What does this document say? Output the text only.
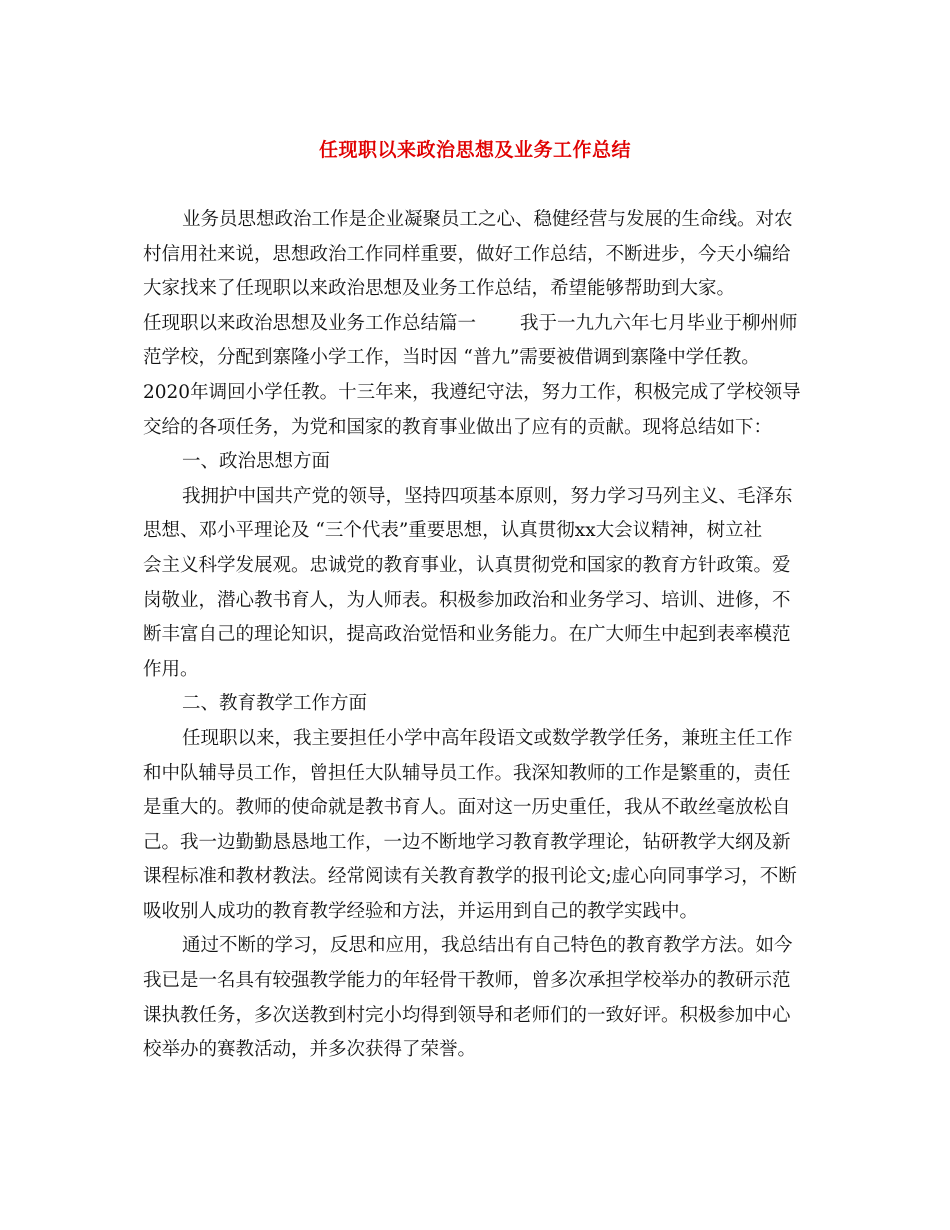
任现职以来政治思想及业务工作总结
业务员思想政治工作是企业凝聚员工之心、稳健经营与发展的生命线。对农
村信用社来说，思想政治工作同样重要，做好工作总结，不断进步，今天小编给
大家找来了任现职以来政治思想及业务工作总结，希望能够帮助到大家。
任现职以来政治思想及业务工作总结篇一 我于一九九六年七月毕业于柳州师
范学校，分配到寨隆小学工作，当时因 “普九”需要被借调到寨隆中学任教。
2020年调回小学任教。十三年来，我遵纪守法，努力工作，积极完成了学校领导
交给的各项任务，为党和国家的教育事业做出了应有的贡献。现将总结如下：
一、政治思想方面
我拥护中国共产党的领导，坚持四项基本原则，努力学习马列主义、毛泽东
思想、邓小平理论及 “三个代表”重要思想，认真贯彻xx大会议精神，树立社
会主义科学发展观。忠诚党的教育事业，认真贯彻党和国家的教育方针政策。爱
岗敬业，潜心教书育人，为人师表。积极参加政治和业务学习、培训、进修，不
断丰富自己的理论知识，提高政治觉悟和业务能力。在广大师生中起到表率模范
作用。
二、教育教学工作方面
任现职以来，我主要担任小学中高年段语文或数学教学任务，兼班主任工作
和中队辅导员工作，曾担任大队辅导员工作。我深知教师的工作是繁重的，责任
是重大的。教师的使命就是教书育人。面对这一历史重任，我从不敢丝毫放松自
己。我一边勤勤恳恳地工作，一边不断地学习教育教学理论，钻研教学大纲及新
课程标准和教材教法。经常阅读有关教育教学的报刊论文;虚心向同事学习，不断
吸收别人成功的教育教学经验和方法，并运用到自己的教学实践中。
通过不断的学习，反思和应用，我总结出有自己特色的教育教学方法。如今
我已是一名具有较强教学能力的年轻骨干教师，曾多次承担学校举办的教研示范
课执教任务，多次送教到村完小均得到领导和老师们的一致好评。积极参加中心
校举办的赛教活动，并多次获得了荣誉。
